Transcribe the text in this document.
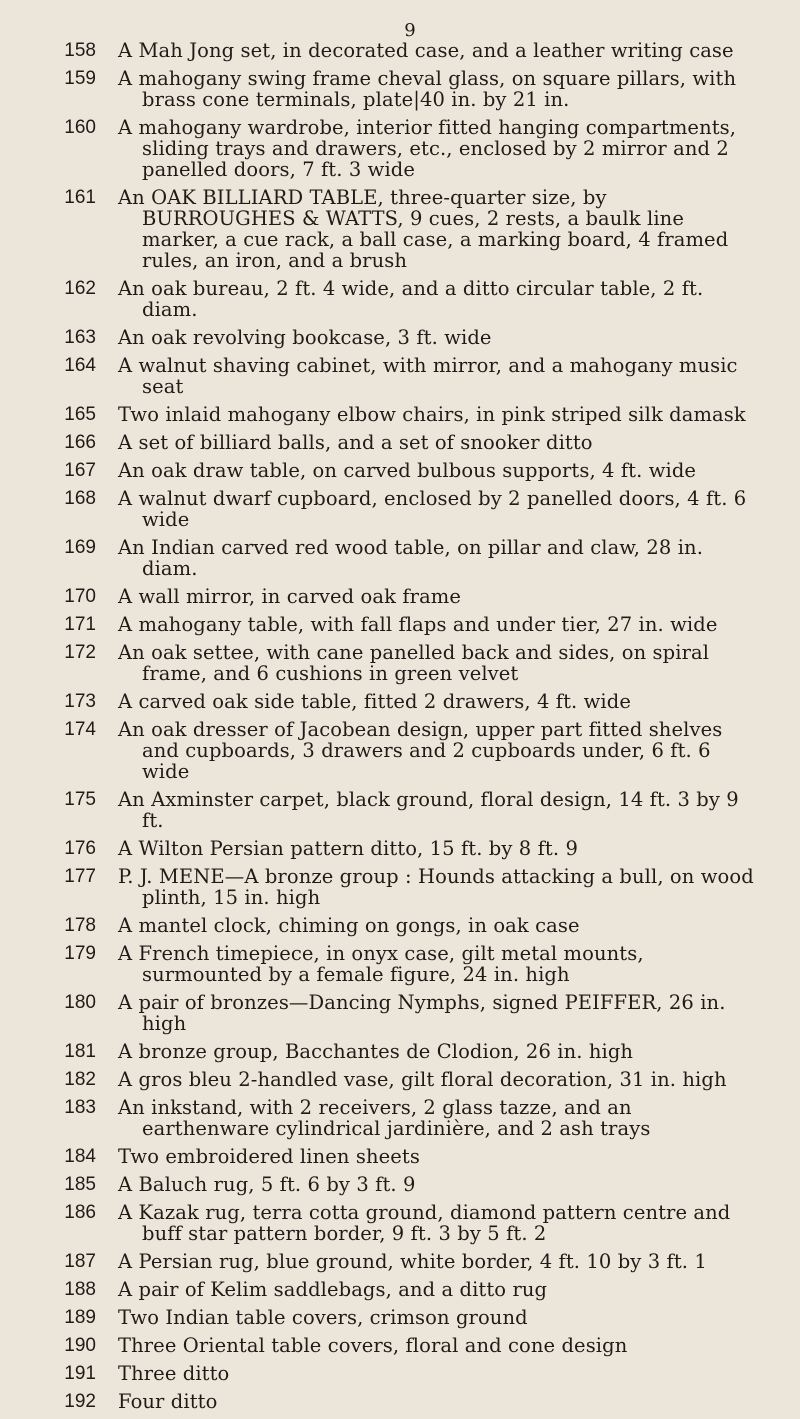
9
158 A Mah Jong set, in decorated case, and a leather writing case
159 A mahogany swing frame cheval glass, on square pillars, with brass cone terminals, plate|40 in. by 21 in.
160 A mahogany wardrobe, interior fitted hanging compartments, sliding trays and drawers, etc., enclosed by 2 mirror and 2 panelled doors, 7 ft. 3 wide
161 An OAK BILLIARD TABLE, three-quarter size, by BURROUGHES & WATTS, 9 cues, 2 rests, a baulk line marker, a cue rack, a ball case, a marking board, 4 framed rules, an iron, and a brush
162 An oak bureau, 2 ft. 4 wide, and a ditto circular table, 2 ft. diam.
163 An oak revolving bookcase, 3 ft. wide
164 A walnut shaving cabinet, with mirror, and a mahogany music seat
165 Two inlaid mahogany elbow chairs, in pink striped silk damask
166 A set of billiard balls, and a set of snooker ditto
167 An oak draw table, on carved bulbous supports, 4 ft. wide
168 A walnut dwarf cupboard, enclosed by 2 panelled doors, 4 ft. 6 wide
169 An Indian carved red wood table, on pillar and claw, 28 in. diam.
170 A wall mirror, in carved oak frame
171 A mahogany table, with fall flaps and under tier, 27 in. wide
172 An oak settee, with cane panelled back and sides, on spiral frame, and 6 cushions in green velvet
173 A carved oak side table, fitted 2 drawers, 4 ft. wide
174 An oak dresser of Jacobean design, upper part fitted shelves and cupboards, 3 drawers and 2 cupboards under, 6 ft. 6 wide
175 An Axminster carpet, black ground, floral design, 14 ft. 3 by 9 ft.
176 A Wilton Persian pattern ditto, 15 ft. by 8 ft. 9
177 P. J. MENE—A bronze group : Hounds attacking a bull, on wood plinth, 15 in. high
178 A mantel clock, chiming on gongs, in oak case
179 A French timepiece, in onyx case, gilt metal mounts, surmounted by a female figure, 24 in. high
180 A pair of bronzes—Dancing Nymphs, signed PEIFFER, 26 in. high
181 A bronze group, Bacchantes de Clodion, 26 in. high
182 A gros bleu 2-handled vase, gilt floral decoration, 31 in. high
183 An inkstand, with 2 receivers, 2 glass tazze, and an earthenware cylindrical jardinière, and 2 ash trays
184 Two embroidered linen sheets
185 A Baluch rug, 5 ft. 6 by 3 ft. 9
186 A Kazak rug, terra cotta ground, diamond pattern centre and buff star pattern border, 9 ft. 3 by 5 ft. 2
187 A Persian rug, blue ground, white border, 4 ft. 10 by 3 ft. 1
188 A pair of Kelim saddlebags, and a ditto rug
189 Two Indian table covers, crimson ground
190 Three Oriental table covers, floral and cone design
191 Three ditto
192 Four ditto
